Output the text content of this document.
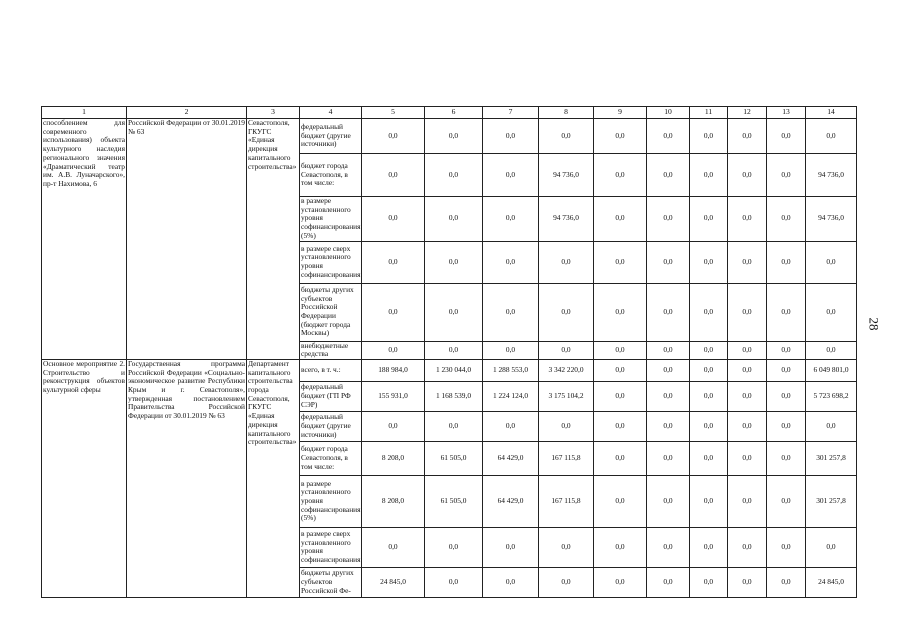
1	2	3	4	5	6	7	8	9	10	11	12	13	14
способлением для современного использования) объекта культурного наследия регионального значения «Драматический театр им. А.В. Луначарского», пр-т Нахимова, 6	Российской Федерации от 30.01.2019 № 63	Севастополя, ГКУГС «Единая дирекция капитального строительства»	федеральный бюджет (другие источники)	0,0	0,0	0,0	0,0	0,0	0,0	0,0	0,0	0,0	0,0
			бюджет города Севастополя, в том числе:	0,0	0,0	0,0	94 736,0	0,0	0,0	0,0	0,0	0,0	94 736,0
			в размере установленного уровня софинансирования (5%)	0,0	0,0	0,0	94 736,0	0,0	0,0	0,0	0,0	0,0	94 736,0
			в размере сверх установленного уровня софинансирования	0,0	0,0	0,0	0,0	0,0	0,0	0,0	0,0	0,0	0,0
			бюджеты других субъектов Российской Федерации (бюджет города Москвы)	0,0	0,0	0,0	0,0	0,0	0,0	0,0	0,0	0,0	0,0
			внебюджетные средства	0,0	0,0	0,0	0,0	0,0	0,0	0,0	0,0	0,0	0,0
Основное мероприятие 2. Строительство и реконструкция объектов культурной сферы	Государственная программа Российской Федерации «Социально-экономическое развитие Республики Крым и г. Севастополя», утвержденная постановлением Правительства Российской Федерации от 30.01.2019 № 63	Департамент капитального строительства города Севастополя, ГКУГС «Единая дирекция капитального строительства»	всего, в т. ч.:	188 984,0	1 230 044,0	1 288 553,0	3 342 220,0	0,0	0,0	0,0	0,0	0,0	6 049 801,0
			федеральный бюджет (ГП РФ СЭР)	155 931,0	1 168 539,0	1 224 124,0	3 175 104,2	0,0	0,0	0,0	0,0	0,0	5 723 698,2
			федеральный бюджет (другие источники)	0,0	0,0	0,0	0,0	0,0	0,0	0,0	0,0	0,0	0,0
			бюджет города Севастополя, в том числе:	8 208,0	61 505,0	64 429,0	167 115,8	0,0	0,0	0,0	0,0	0,0	301 257,8
			в размере установленного уровня софинансирования (5%)	8 208,0	61 505,0	64 429,0	167 115,8	0,0	0,0	0,0	0,0	0,0	301 257,8
			в размере сверх установленного уровня софинансирования	0,0	0,0	0,0	0,0	0,0	0,0	0,0	0,0	0,0	0,0
			бюджеты других субъектов Российской Фе-	24 845,0	0,0	0,0	0,0	0,0	0,0	0,0	0,0	0,0	24 845,0
28
